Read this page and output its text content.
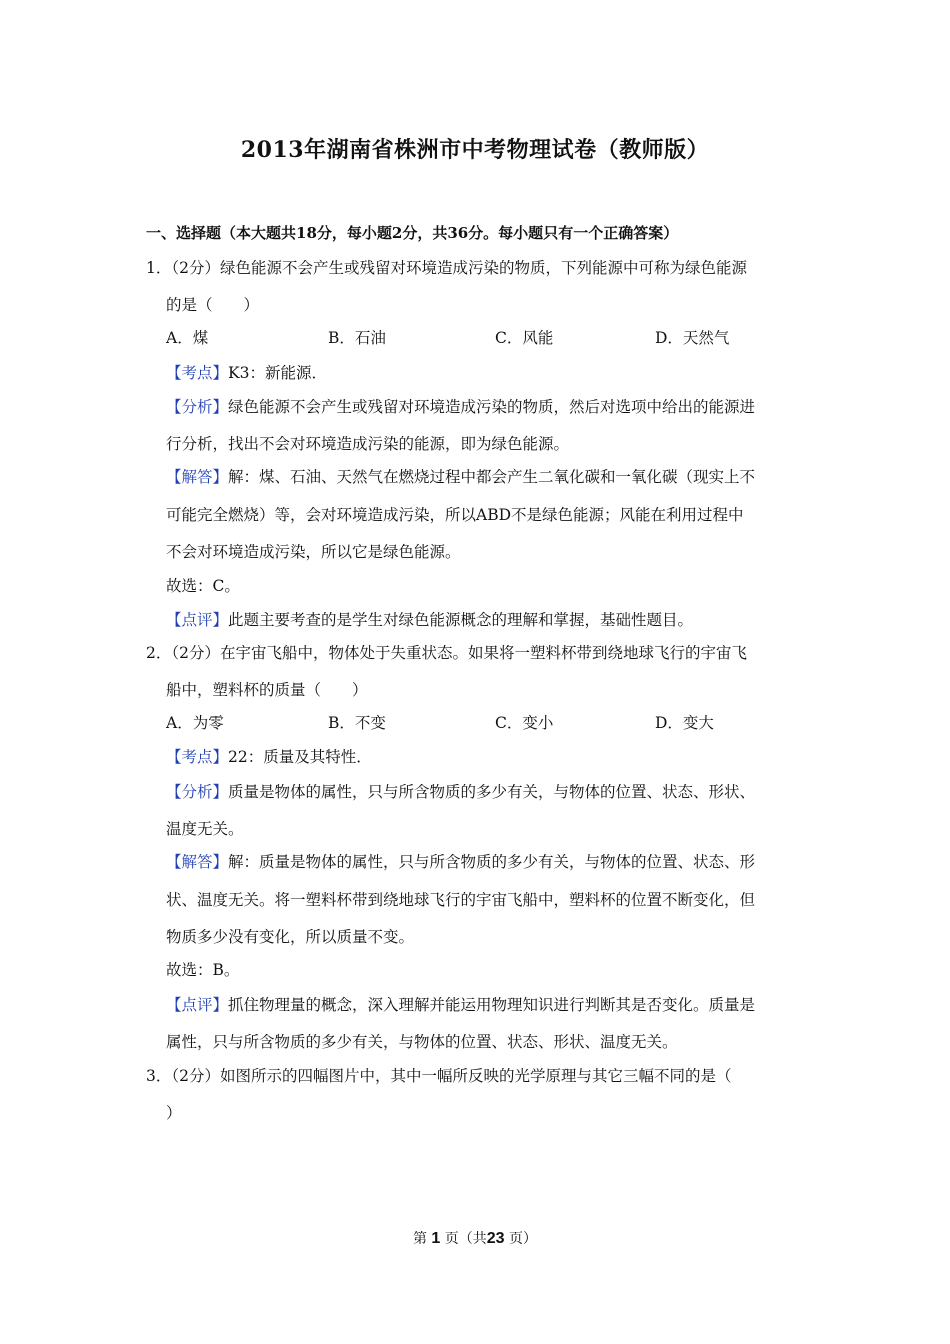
2013年湖南省株洲市中考物理试卷（教师版）
一、选择题（本大题共18分，每小题2分，共36分。每小题只有一个正确答案）
1．（2分）绿色能源不会产生或残留对环境造成污染的物质，下列能源中可称为绿色能源
的是（　　）
A．煤	B．石油	C．风能	D．天然气
【考点】K3：新能源．
【分析】绿色能源不会产生或残留对环境造成污染的物质，然后对选项中给出的能源进
行分析，找出不会对环境造成污染的能源，即为绿色能源。
【解答】解：煤、石油、天然气在燃烧过程中都会产生二氧化碳和一氧化碳（现实上不
可能完全燃烧）等，会对环境造成污染，所以ABD不是绿色能源；风能在利用过程中
不会对环境造成污染，所以它是绿色能源。
故选：C。
【点评】此题主要考查的是学生对绿色能源概念的理解和掌握，基础性题目。
2．（2分）在宇宙飞船中，物体处于失重状态。如果将一塑料杯带到绕地球飞行的宇宙飞
船中，塑料杯的质量（　　）
A．为零	B．不变	C．变小	D．变大
【考点】22：质量及其特性．
【分析】质量是物体的属性，只与所含物质的多少有关，与物体的位置、状态、形状、
温度无关。
【解答】解：质量是物体的属性，只与所含物质的多少有关，与物体的位置、状态、形
状、温度无关。将一塑料杯带到绕地球飞行的宇宙飞船中，塑料杯的位置不断变化，但
物质多少没有变化，所以质量不变。
故选：B。
【点评】抓住物理量的概念，深入理解并能运用物理知识进行判断其是否变化。质量是
属性，只与所含物质的多少有关，与物体的位置、状态、形状、温度无关。
3．（2分）如图所示的四幅图片中，其中一幅所反映的光学原理与其它三幅不同的是（
）
第 1 页（共23 页）
